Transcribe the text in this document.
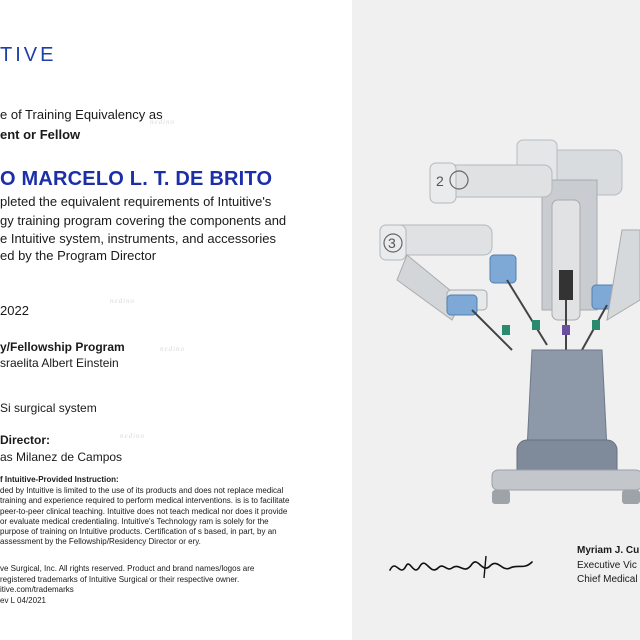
TIVE
e of Training Equivalency as
ent or Fellow
O MARCELO L. T. DE BRITO
pleted the equivalent requirements of Intuitive's
gy training program covering the components and
e Intuitive system, instruments, and accessories
ed by the Program Director
2022
y/Fellowship Program
sraelita Albert Einstein
Si surgical system
Director:
as Milanez de Campos
f Intuitive-Provided Instruction:
ded by Intuitive is limited to the use of its products and does not replace medical training and experience required to perform medical interventions. is is to facilitate peer-to-peer clinical teaching. Intuitive does not teach medical nor does it provide or evaluate medical credentialing. Intuitive's Technology ram is solely for the purpose of training on Intuitive products. Certification of s based, in part, by an assessment by the Fellowship/Residency Director or ery.
ve Surgical, Inc. All rights reserved. Product and brand names/logos are registered trademarks of Intuitive Surgical or their respective owner. itive.com/trademarks
ev L 04/2021
nedino
nedino
nedino
nedino
2
3
Myriam J. Cu
Executive Vic
Chief Medical
